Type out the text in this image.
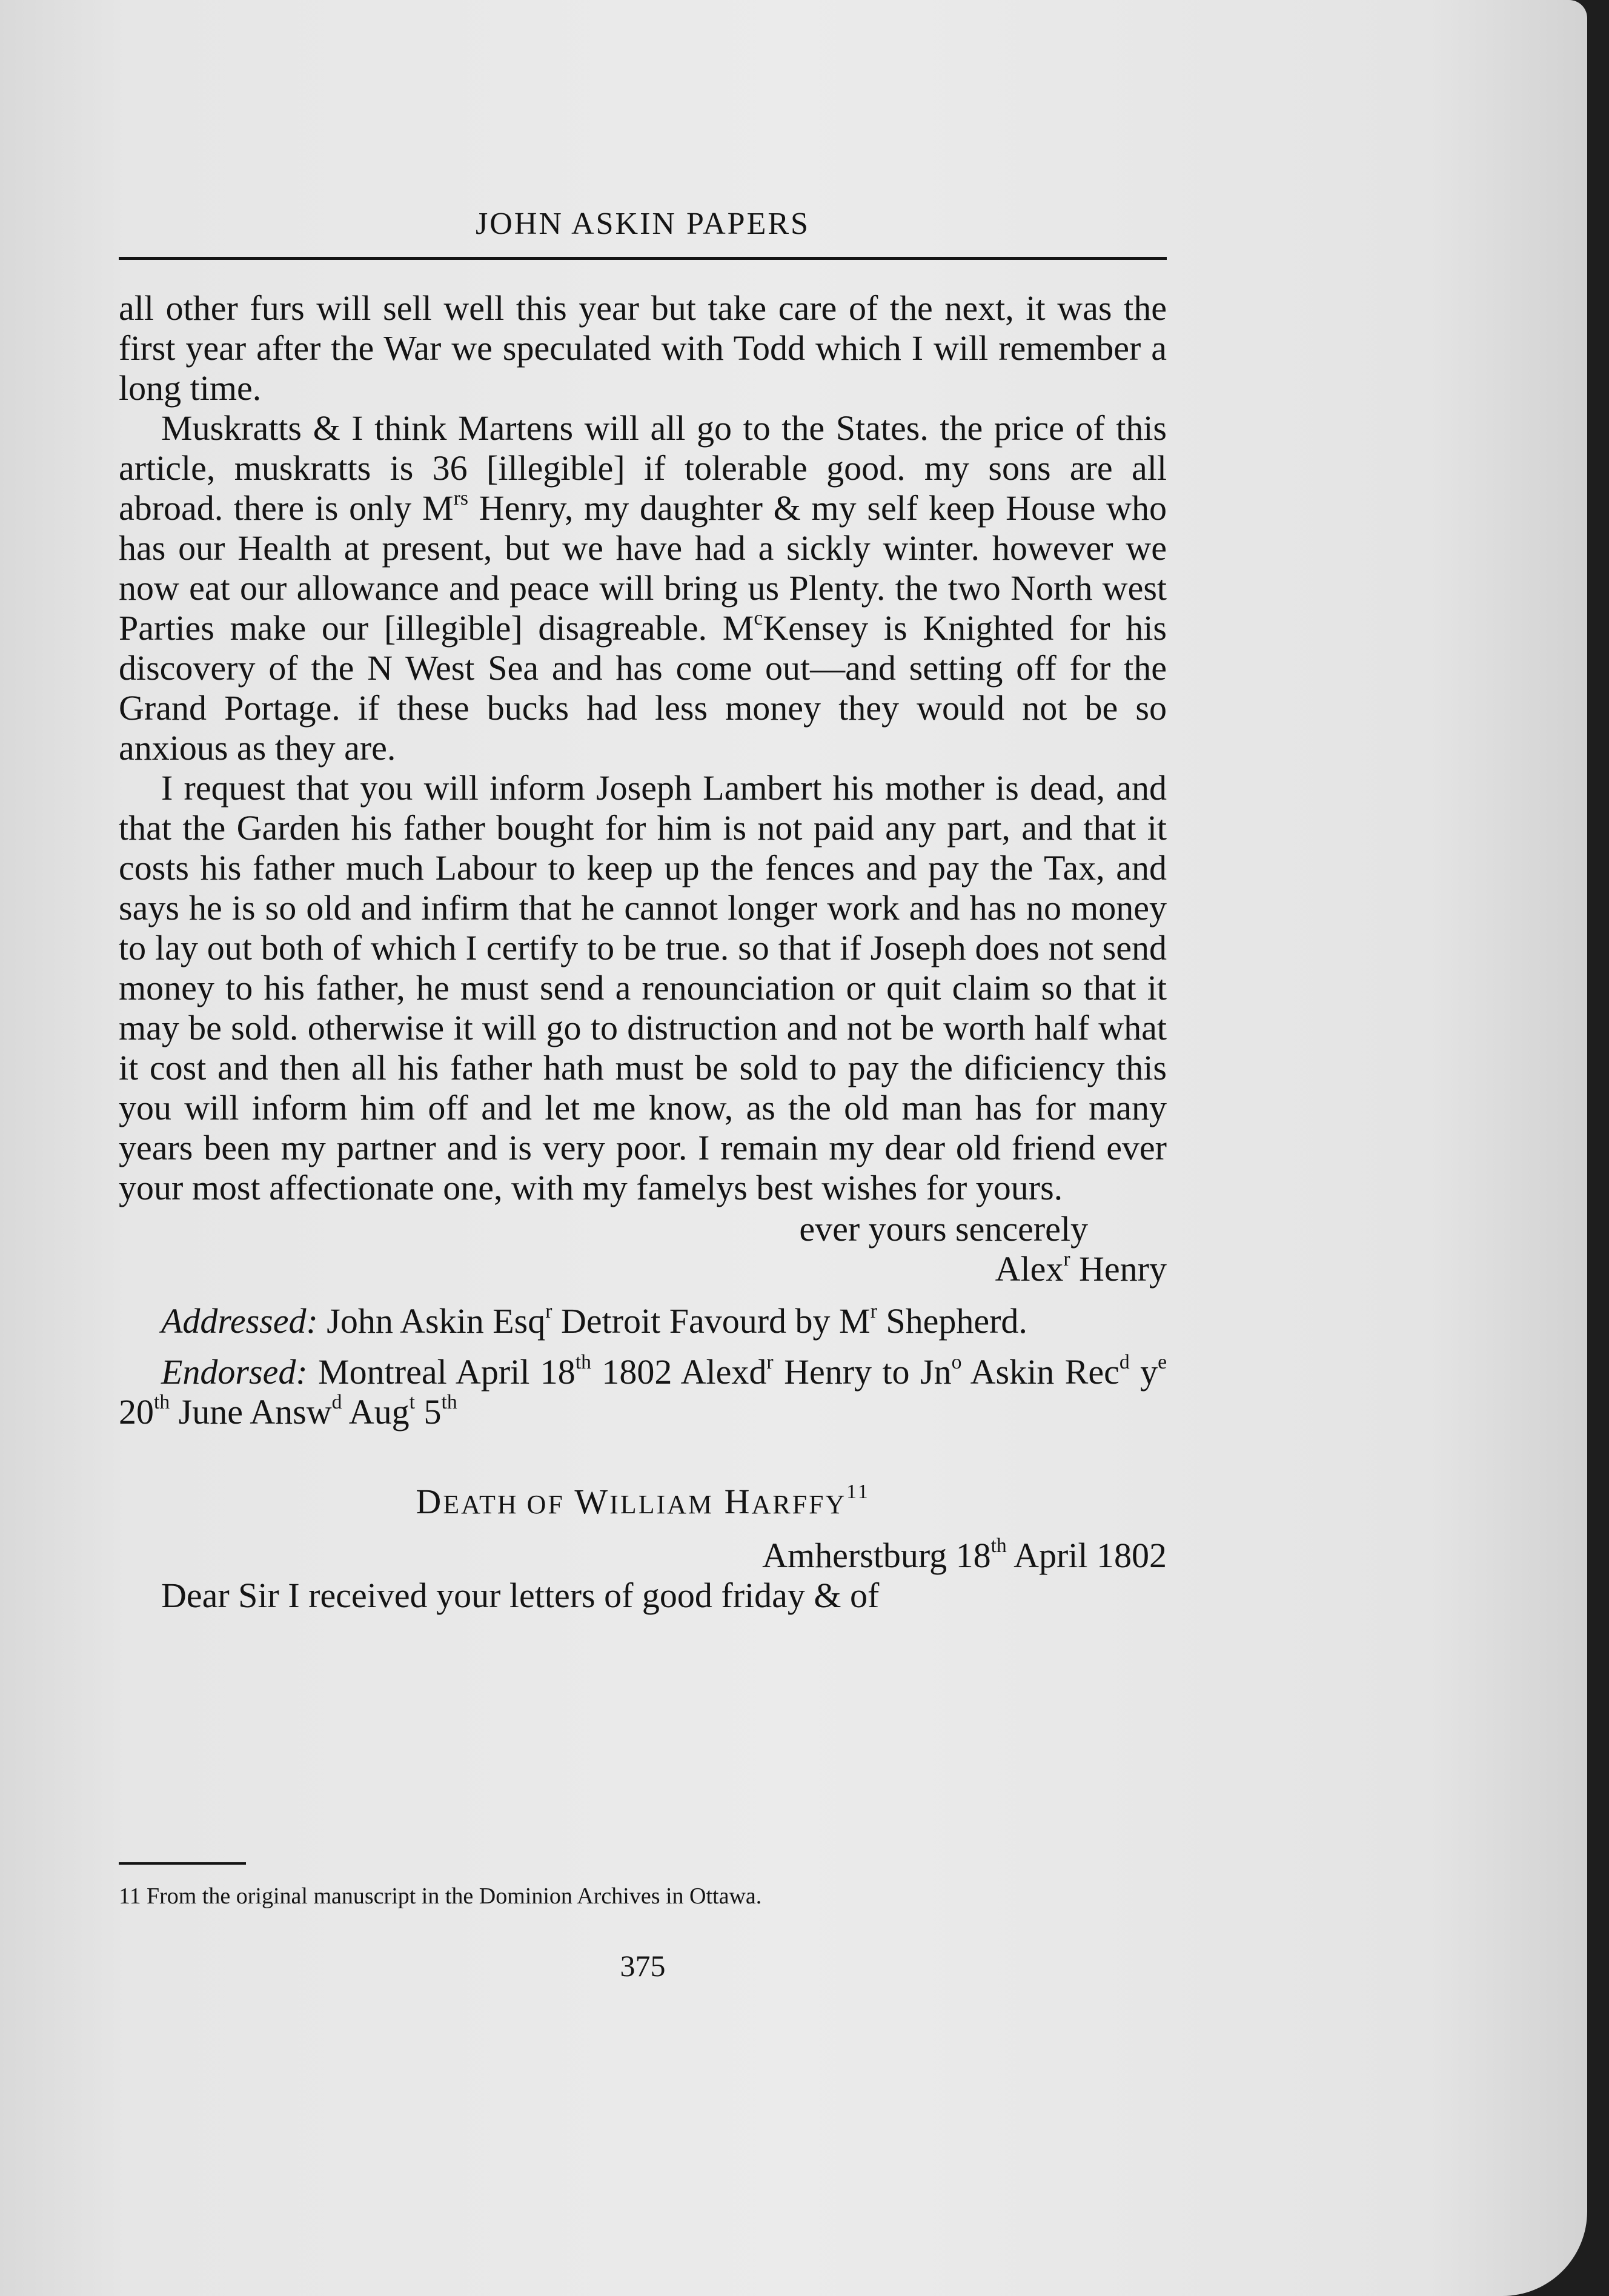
JOHN ASKIN PAPERS

all other furs will sell well this year but take care of the next, it was the first year after the War we speculated with Todd which I will remember a long time.

Muskratts & I think Martens will all go to the States. the price of this article, muskratts is 36 [illegible] if tolerable good. my sons are all abroad. there is only $M^{rs}$ Henry, my daughter & my self keep House who has our Health at present, but we have had a sickly winter. however we now eat our allowance and peace will bring us Plenty. the two North west Parties make our [illegible] disagreable. $M^cKensey$ is Knighted for his discovery of the N West Sea and has come out—and setting off for the Grand Portage. if these bucks had less money they would not be so anxious as they are.

I request that you will inform Joseph Lambert his mother is dead, and that the Garden his father bought for him is not paid any part, and that it costs his father much Labour to keep up the fences and pay the Tax, and says he is so old and infirm that he cannot longer work and has no money to lay out both of which I certify to be true. so that if Joseph does not send money to his father, he must send a renounciation or quit claim so that it may be sold. otherwise it will go to distruction and not be worth half what it cost and then all his father hath must be sold to pay the dificiency this you will inform him off and let me know, as the old man has for many years been my partner and is very poor. I remain my dear old friend ever your most affectionate one, with my famelys best wishes for yours.

ever yours sencerely

Alex$^r$ Henry

Addressed: John Askin Esq$^r$ Detroit Favourd by $M^r$ Shepherd.

Endorsed: Montreal April 18th 1802 Alexd$^r$ Henry to Jn$^o$ Askin Rec$^d$ $y^e$ 20th June Answ$^d$ Aug$^t$ 5th

DEATH OF WILLIAM HARFFY$^{11}$

Amherstburg 18th April 1802

Dear Sir I received your letters of good friday & of

11 From the original manuscript in the Dominion Archives in Ottawa.
375
